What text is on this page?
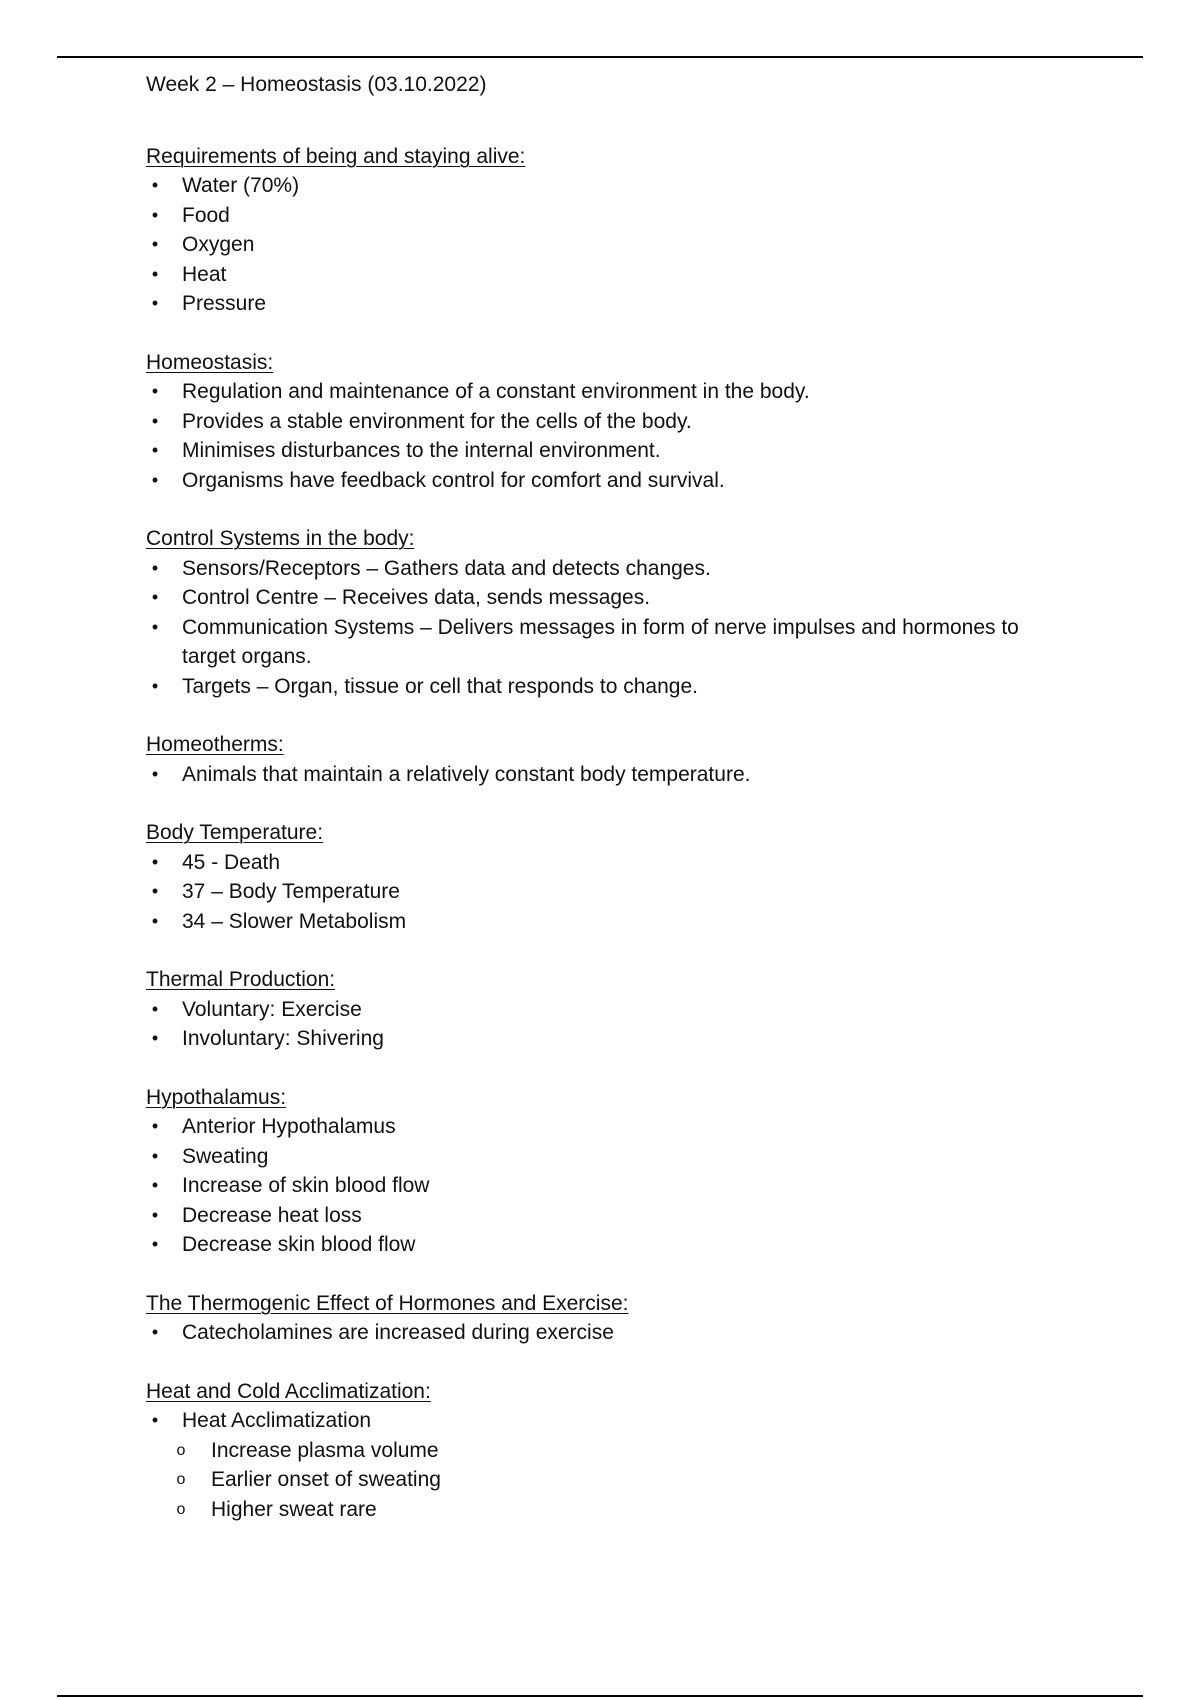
Week 2 – Homeostasis (03.10.2022)
Requirements of being and staying alive:
• Water (70%)
• Food
• Oxygen
• Heat
• Pressure
Homeostasis:
• Regulation and maintenance of a constant environment in the body.
• Provides a stable environment for the cells of the body.
• Minimises disturbances to the internal environment.
• Organisms have feedback control for comfort and survival.
Control Systems in the body:
• Sensors/Receptors – Gathers data and detects changes.
• Control Centre – Receives data, sends messages.
• Communication Systems – Delivers messages in form of nerve impulses and hormones to target organs.
• Targets – Organ, tissue or cell that responds to change.
Homeotherms:
• Animals that maintain a relatively constant body temperature.
Body Temperature:
• 45 - Death
• 37 – Body Temperature
• 34 – Slower Metabolism
Thermal Production:
• Voluntary: Exercise
• Involuntary: Shivering
Hypothalamus:
• Anterior Hypothalamus
• Sweating
• Increase of skin blood flow
• Decrease heat loss
• Decrease skin blood flow
The Thermogenic Effect of Hormones and Exercise:
• Catecholamines are increased during exercise
Heat and Cold Acclimatization:
• Heat Acclimatization
o Increase plasma volume
o Earlier onset of sweating
o Higher sweat rare
